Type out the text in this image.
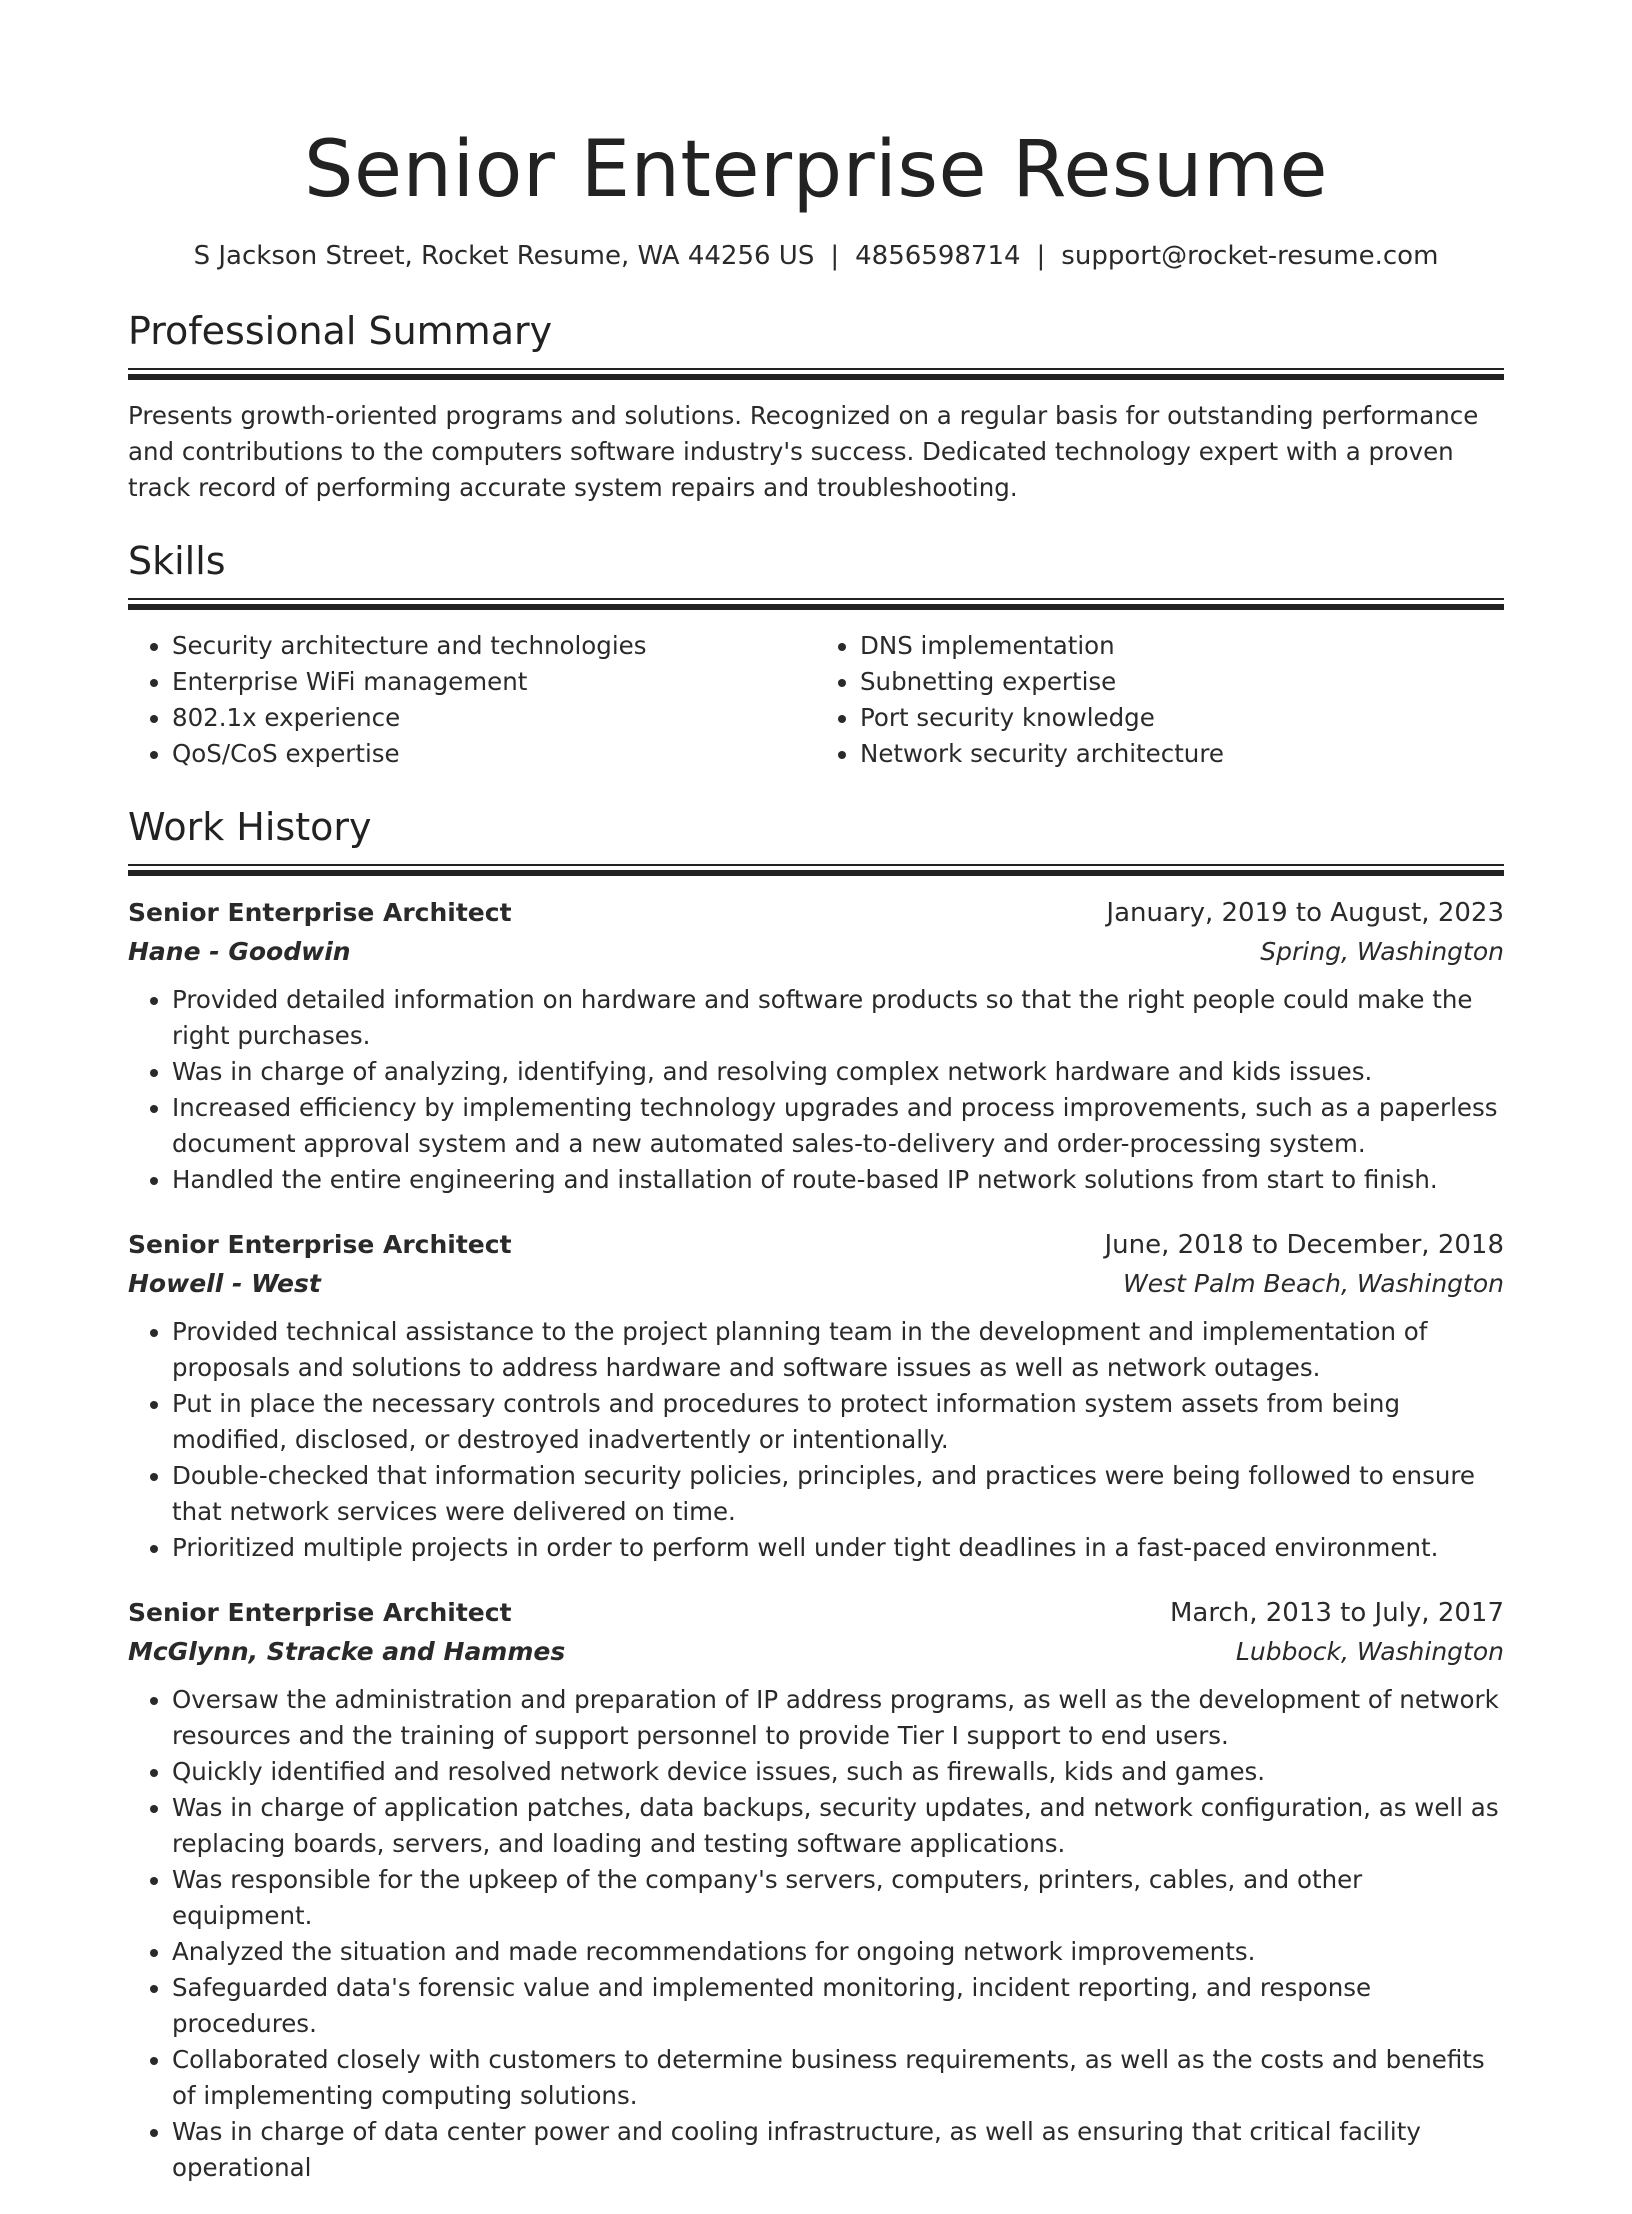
Senior Enterprise Resume
S Jackson Street, Rocket Resume, WA 44256 US | 4856598714 | support@rocket-resume.com
Professional Summary

Presents growth-oriented programs and solutions. Recognized on a regular basis for outstanding performance and contributions to the computers software industry's success. Dedicated technology expert with a proven track record of performing accurate system repairs and troubleshooting.

Skills
• Security architecture and technologies
• Enterprise WiFi management
• 802.1x experience
• QoS/CoS expertise
• DNS implementation
• Subnetting expertise
• Port security knowledge
• Network security architecture
Work History
Senior Enterprise Architect	January, 2019 to August, 2023
Hane - Goodwin	Spring, Washington
• Provided detailed information on hardware and software products so that the right people could make the right purchases.
• Was in charge of analyzing, identifying, and resolving complex network hardware and kids issues.
• Increased efficiency by implementing technology upgrades and process improvements, such as a paperless document approval system and a new automated sales-to-delivery and order-processing system.
• Handled the entire engineering and installation of route-based IP network solutions from start to finish.
Senior Enterprise Architect	June, 2018 to December, 2018
Howell - West	West Palm Beach, Washington
• Provided technical assistance to the project planning team in the development and implementation of proposals and solutions to address hardware and software issues as well as network outages.
• Put in place the necessary controls and procedures to protect information system assets from being modified, disclosed, or destroyed inadvertently or intentionally.
• Double-checked that information security policies, principles, and practices were being followed to ensure that network services were delivered on time.
• Prioritized multiple projects in order to perform well under tight deadlines in a fast-paced environment.
Senior Enterprise Architect	March, 2013 to July, 2017
McGlynn, Stracke and Hammes	Lubbock, Washington
• Oversaw the administration and preparation of IP address programs, as well as the development of network resources and the training of support personnel to provide Tier I support to end users.
• Quickly identified and resolved network device issues, such as firewalls, kids and games.
• Was in charge of application patches, data backups, security updates, and network configuration, as well as replacing boards, servers, and loading and testing software applications.
• Was responsible for the upkeep of the company's servers, computers, printers, cables, and other equipment.
• Analyzed the situation and made recommendations for ongoing network improvements.
• Safeguarded data's forensic value and implemented monitoring, incident reporting, and response procedures.
• Collaborated closely with customers to determine business requirements, as well as the costs and benefits of implementing computing solutions.
• Was in charge of data center power and cooling infrastructure, as well as ensuring that critical facility operational
